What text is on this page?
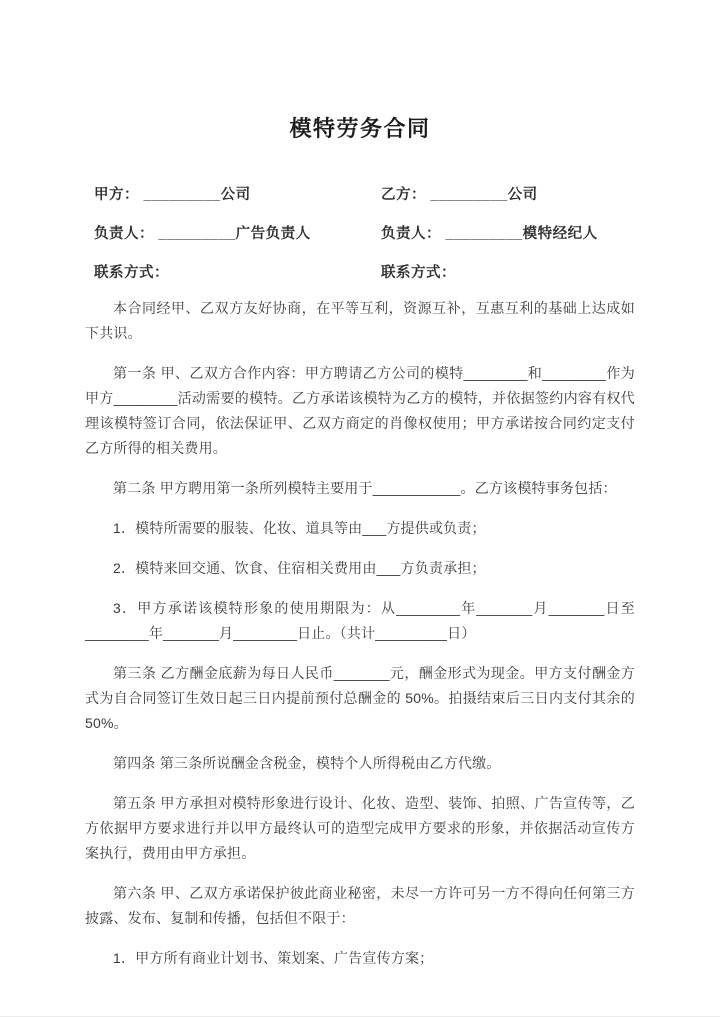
模特劳务合同
甲方： _________公司	乙方： _________公司
负责人： _________广告负责人	负责人： _________模特经纪人
联系方式：	联系方式：

本合同经甲、乙双方友好协商，在平等互利，资源互补，互惠互利的基础上达成如下共识。

第一条 甲、乙双方合作内容：甲方聘请乙方公司的模特________和________作为甲方________活动需要的模特。乙方承诺该模特为乙方的模特，并依据签约内容有权代理该模特签订合同，依法保证甲、乙双方商定的肖像权使用；甲方承诺按合同约定支付乙方所得的相关费用。

第二条 甲方聘用第一条所列模特主要用于___________。乙方该模特事务包括：

1．模特所需要的服装、化妆、道具等由___方提供或负责；

2．模特来回交通、饮食、住宿相关费用由___方负责承担；

3．甲方承诺该模特形象的使用期限为：从________年_______月_______日至________年_______月________日止。（共计_________日）

第三条 乙方酬金底薪为每日人民币_______元，酬金形式为现金。甲方支付酬金方式为自合同签订生效日起三日内提前预付总酬金的 50%。拍摄结束后三日内支付其余的 50%。

第四条 第三条所说酬金含税金，模特个人所得税由乙方代缴。

第五条 甲方承担对模特形象进行设计、化妆、造型、装饰、拍照、广告宣传等，乙方依据甲方要求进行并以甲方最终认可的造型完成甲方要求的形象，并依据活动宣传方案执行，费用由甲方承担。

第六条 甲、乙双方承诺保护彼此商业秘密，未尽一方许可另一方不得向任何第三方披露、发布、复制和传播，包括但不限于：

1．甲方所有商业计划书、策划案、广告宣传方案；
